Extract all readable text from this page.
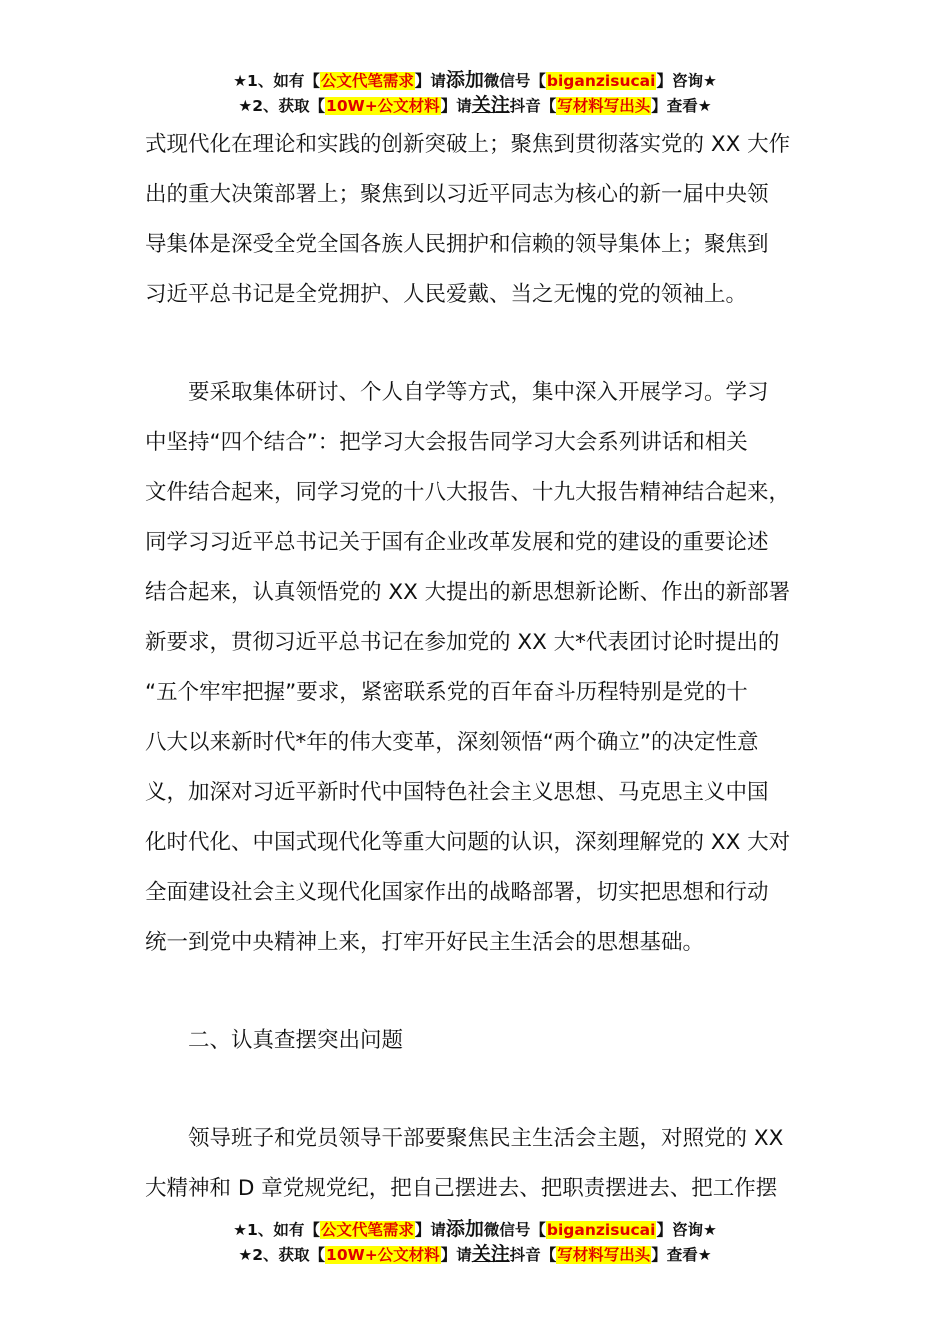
★1、如有【公文代笔需求】请添加微信号【biganzisucai】咨询★
★2、获取【10W+公文材料】请关注抖音【写材料写出头】查看★
式现代化在理论和实践的创新突破上；聚焦到贯彻落实党的 XX 大作
出的重大决策部署上；聚焦到以习近平同志为核心的新一届中央领
导集体是深受全党全国各族人民拥护和信赖的领导集体上；聚焦到
习近平总书记是全党拥护、人民爱戴、当之无愧的党的领袖上。
要采取集体研讨、个人自学等方式，集中深入开展学习。学习
中坚持“四个结合”：把学习大会报告同学习大会系列讲话和相关
文件结合起来，同学习党的十八大报告、十九大报告精神结合起来，
同学习习近平总书记关于国有企业改革发展和党的建设的重要论述
结合起来，认真领悟党的 XX 大提出的新思想新论断、作出的新部署
新要求，贯彻习近平总书记在参加党的 XX 大*代表团讨论时提出的
“五个牢牢把握”要求，紧密联系党的百年奋斗历程特别是党的十
八大以来新时代*年的伟大变革，深刻领悟“两个确立”的决定性意
义，加深对习近平新时代中国特色社会主义思想、马克思主义中国
化时代化、中国式现代化等重大问题的认识，深刻理解党的 XX 大对
全面建设社会主义现代化国家作出的战略部署，切实把思想和行动
统一到党中央精神上来，打牢开好民主生活会的思想基础。
二、认真查摆突出问题
领导班子和党员领导干部要聚焦民主生活会主题，对照党的 XX
大精神和 D 章党规党纪，把自己摆进去、把职责摆进去、把工作摆
★1、如有【公文代笔需求】请添加微信号【biganzisucai】咨询★
★2、获取【10W+公文材料】请关注抖音【写材料写出头】查看★
